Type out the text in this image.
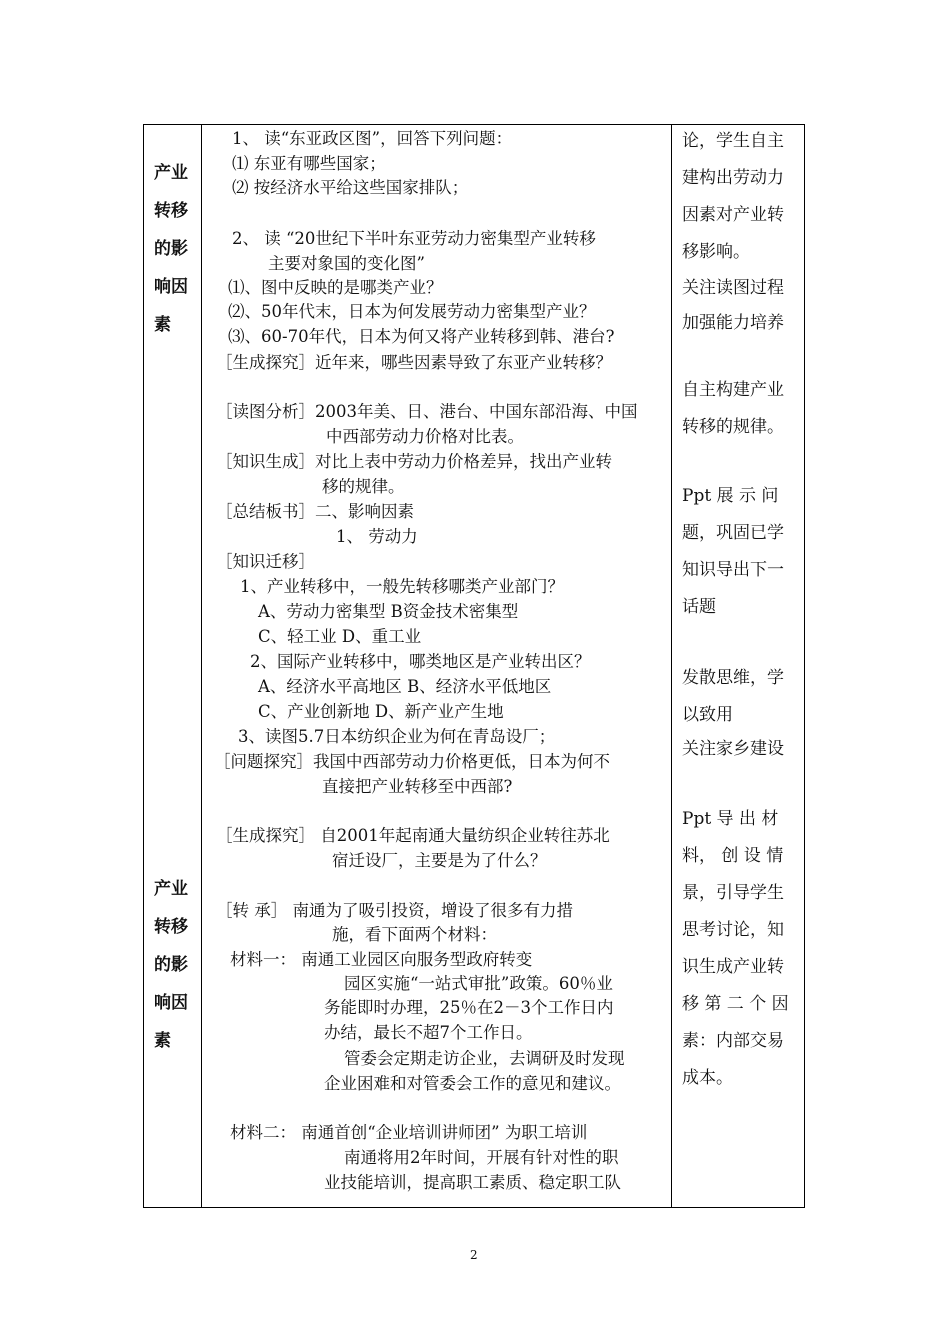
产业
转移
的影
响因
素
产业
转移
的影
响因
素
1、 读“东亚政区图”，回答下列问题：
⑴ 东亚有哪些国家；
⑵ 按经济水平给这些国家排队；
2、 读 “20世纪下半叶东亚劳动力密集型产业转移
主要对象国的变化图”
⑴、图中反映的是哪类产业？
⑵、50年代末，日本为何发展劳动力密集型产业？
⑶、60-70年代，日本为何又将产业转移到韩、港台?
［生成探究］近年来，哪些因素导致了东亚产业转移？
［读图分析］2003年美、日、港台、中国东部沿海、中国
中西部劳动力价格对比表。
［知识生成］对比上表中劳动力价格差异，找出产业转
移的规律。
［总结板书］二、影响因素
1、 劳动力
［知识迁移］
1、产业转移中，一般先转移哪类产业部门？
A、劳动力密集型 B资金技术密集型
C、轻工业 D、重工业
2、国际产业转移中，哪类地区是产业转出区？
A、经济水平高地区 B、经济水平低地区
C、产业创新地 D、新产业产生地
3、读图5.7日本纺织企业为何在青岛设厂；
［问题探究］我国中西部劳动力价格更低，日本为何不
直接把产业转移至中西部?
［生成探究］ 自2001年起南通大量纺织企业转往苏北
宿迁设厂，主要是为了什么？
［转 承］ 南通为了吸引投资，增设了很多有力措
施，看下面两个材料：
材料一： 南通工业园区向服务型政府转变
园区实施“一站式审批”政策。60％业
务能即时办理，25％在2－3个工作日内
办结，最长不超7个工作日。
管委会定期走访企业，去调研及时发现
企业困难和对管委会工作的意见和建议。
材料二： 南通首创“企业培训讲师团” 为职工培训
南通将用2年时间，开展有针对性的职
业技能培训，提高职工素质、稳定职工队
论，学生自主
建构出劳动力
因素对产业转
移影响。
关注读图过程
加强能力培养
自主构建产业
转移的规律。
Ppt 展 示 问
题，巩固已学
知识导出下一
话题
发散思维，学
以致用
关注家乡建设
Ppt 导 出 材
料， 创 设 情
景，引导学生
思考讨论，知
识生成产业转
移 第 二 个 因
素：内部交易
成本。
2
